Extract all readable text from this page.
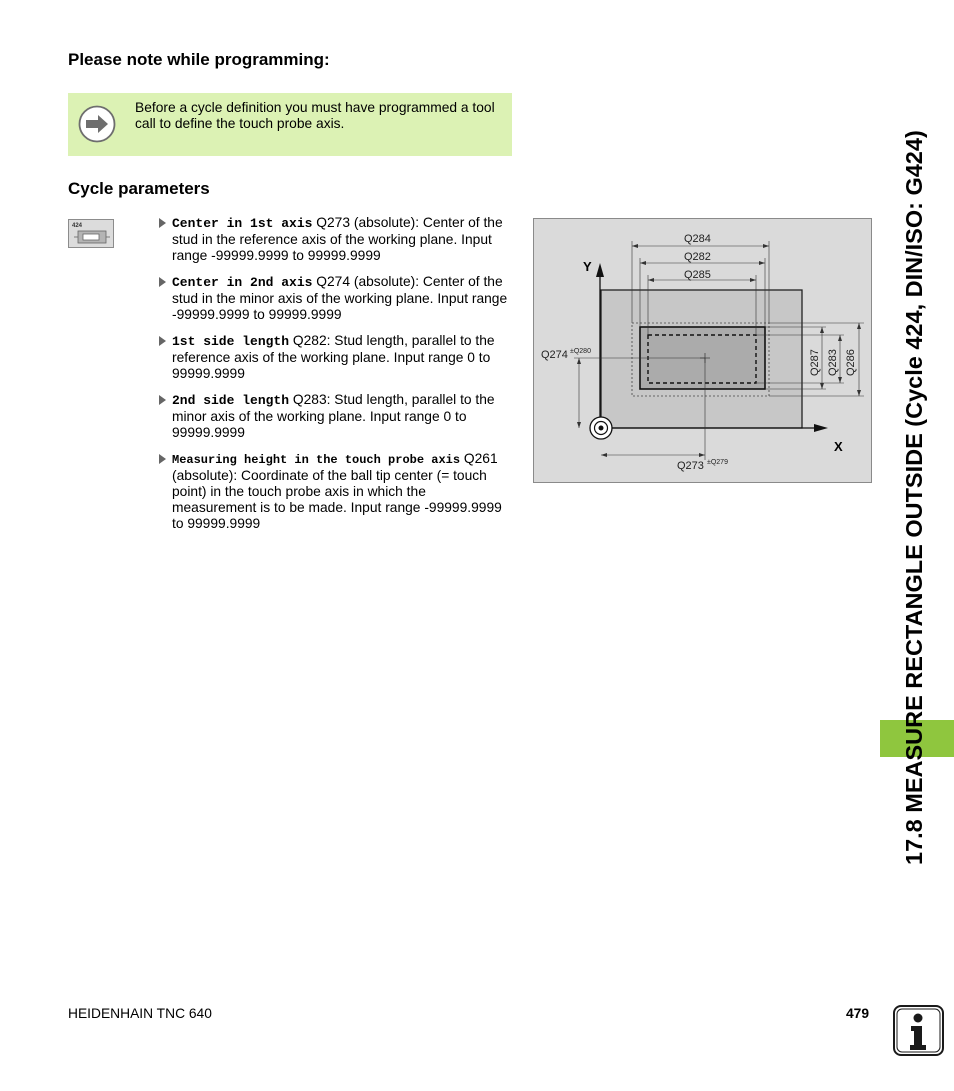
17.8 MEASURE RECTANGLE OUTSIDE (Cycle 424, DIN/ISO: G424)
Please note while programming:
Before a cycle definition you must have programmed a tool call to define the touch probe axis.
Cycle parameters
424	Center in 1st axis Q273 (absolute): Center of the stud in the reference axis of the working plane. Input range -99999.9999 to 99999.9999
Center in 2nd axis Q274 (absolute): Center of the stud in the minor axis of the working plane. Input range -99999.9999 to 99999.9999
1st side length Q282: Stud length, parallel to the reference axis of the working plane. Input range 0 to 99999.9999
2nd side length Q283: Stud length, parallel to the minor axis of the working plane. Input range 0 to 99999.9999
Measuring height in the touch probe axis Q261 (absolute): Coordinate of the ball tip center (= touch point) in the touch probe axis in which the measurement is to be made. Input range -99999.9999 to 99999.9999
Y
X
Q284
Q282
Q285
Q287 Q283 Q286
Q274 ±Q280
Q273 ±Q279
HEIDENHAIN TNC 640	479
